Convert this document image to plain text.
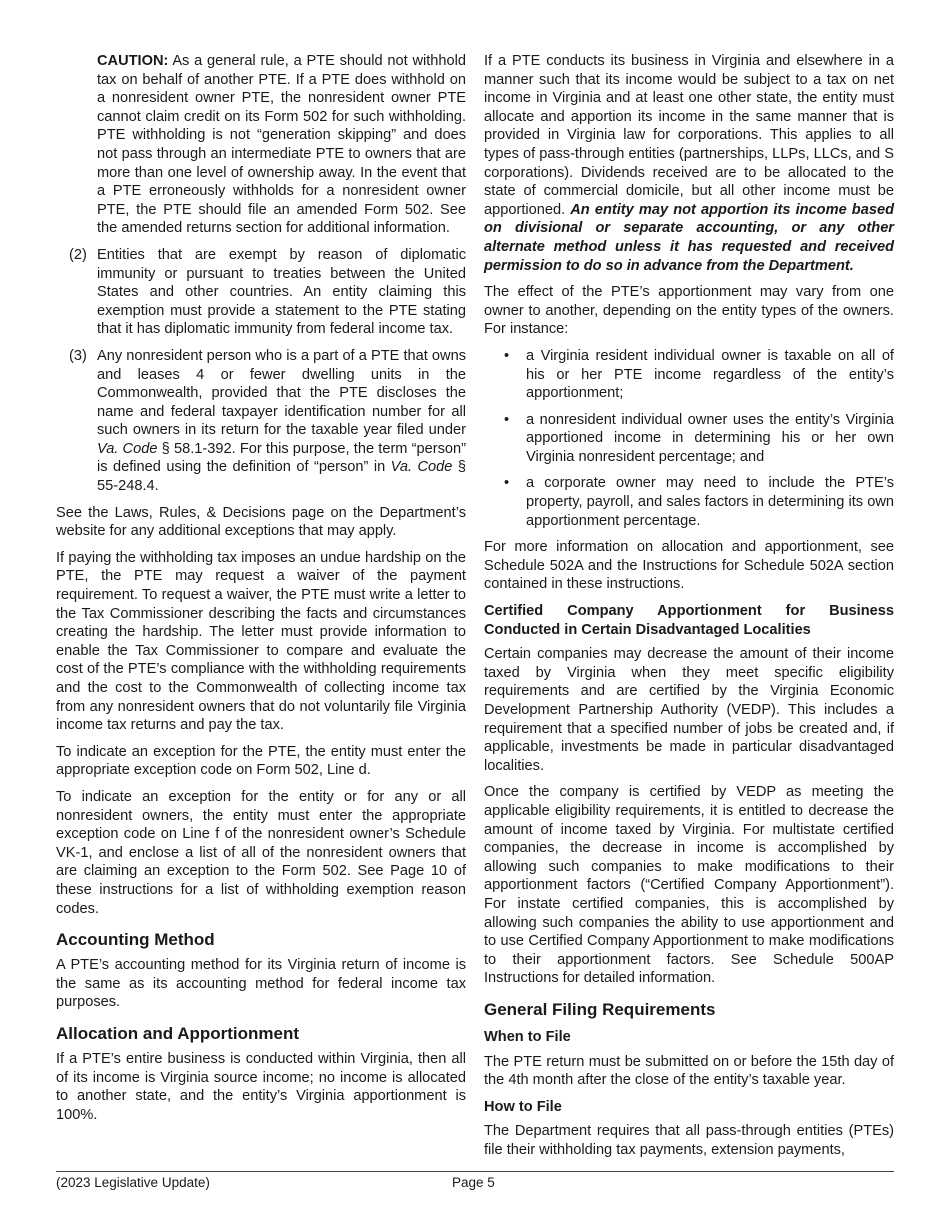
CAUTION: As a general rule, a PTE should not withhold tax on behalf of another PTE. If a PTE does withhold on a nonresident owner PTE, the nonresident owner PTE cannot claim credit on its Form 502 for such withholding. PTE withholding is not “generation skipping” and does not pass through an intermediate PTE to owners that are more than one level of ownership away. In the event that a PTE erroneously withholds for a nonresident owner PTE, the PTE should file an amended Form 502. See the amended returns section for additional information.

(2) Entities that are exempt by reason of diplomatic immunity or pursuant to treaties between the United States and other countries. An entity claiming this exemption must provide a statement to the PTE stating that it has diplomatic immunity from federal income tax.
(3) Any nonresident person who is a part of a PTE that owns and leases 4 or fewer dwelling units in the Commonwealth, provided that the PTE discloses the name and federal taxpayer identification number for all such owners in its return for the taxable year filed under Va. Code § 58.1-392. For this purpose, the term “person” is defined using the definition of “person” in Va. Code § 55-248.4.

See the Laws, Rules, & Decisions page on the Department’s website for any additional exceptions that may apply.

If paying the withholding tax imposes an undue hardship on the PTE, the PTE may request a waiver of the payment requirement. To request a waiver, the PTE must write a letter to the Tax Commissioner describing the facts and circumstances creating the hardship. The letter must provide information to enable the Tax Commissioner to compare and evaluate the cost of the PTE’s compliance with the withholding requirements and the cost to the Commonwealth of collecting income tax from any nonresident owners that do not voluntarily file Virginia income tax returns and pay the tax.

To indicate an exception for the PTE, the entity must enter the appropriate exception code on Form 502, Line d.

To indicate an exception for the entity or for any or all nonresident owners, the entity must enter the appropriate exception code on Line f of the nonresident owner’s Schedule VK-1, and enclose a list of all of the nonresident owners that are claiming an exception to the Form 502. See Page 10 of these instructions for a list of withholding exemption reason codes.

Accounting Method

A PTE’s accounting method for its Virginia return of income is the same as its accounting method for federal income tax purposes.

Allocation and Apportionment

If a PTE’s entire business is conducted within Virginia, then all of its income is Virginia source income; no income is allocated to another state, and the entity’s Virginia apportionment is 100%.

If a PTE conducts its business in Virginia and elsewhere in a manner such that its income would be subject to a tax on net income in Virginia and at least one other state, the entity must allocate and apportion its income in the same manner that is provided in Virginia law for corporations. This applies to all types of pass-through entities (partnerships, LLPs, LLCs, and S corporations). Dividends received are to be allocated to the state of commercial domicile, but all other income must be apportioned. An entity may not apportion its income based on divisional or separate accounting, or any other alternate method unless it has requested and received permission to do so in advance from the Department.

The effect of the PTE’s apportionment may vary from one owner to another, depending on the entity types of the owners. For instance:

• a Virginia resident individual owner is taxable on all of his or her PTE income regardless of the entity’s apportionment;
• a nonresident individual owner uses the entity’s Virginia apportioned income in determining his or her own Virginia nonresident percentage; and
• a corporate owner may need to include the PTE’s property, payroll, and sales factors in determining its own apportionment percentage.

For more information on allocation and apportionment, see Schedule 502A and the Instructions for Schedule 502A section contained in these instructions.

Certified Company Apportionment for Business Conducted in Certain Disadvantaged Localities

Certain companies may decrease the amount of their income taxed by Virginia when they meet specific eligibility requirements and are certified by the Virginia Economic Development Partnership Authority (VEDP). This includes a requirement that a specified number of jobs be created and, if applicable, investments be made in particular disadvantaged localities.

Once the company is certified by VEDP as meeting the applicable eligibility requirements, it is entitled to decrease the amount of income taxed by Virginia. For multistate certified companies, the decrease in income is accomplished by allowing such companies to make modifications to their apportionment factors (“Certified Company Apportionment”). For instate certified companies, this is accomplished by allowing such companies the ability to use apportionment and to use Certified Company Apportionment to make modifications to their apportionment factors. See Schedule 500AP Instructions for detailed information.

General Filing Requirements
When to File

The PTE return must be submitted on or before the 15th day of the 4th month after the close of the entity’s taxable year.

How to File

The Department requires that all pass-through entities (PTEs) file their withholding tax payments, extension payments,

(2023 Legislative Update)	Page 5
